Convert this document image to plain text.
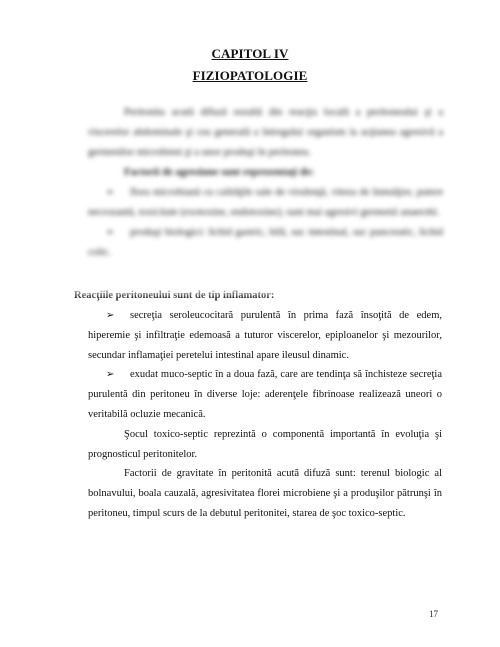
CAPITOL IV
FIZIOPATOLOGIE

Peritonita acută difuză rezultă din reacţia locală a peritoneului şi a viscerelor abdominale şi cea generală a întregului organism la acţiunea agresivă a germenilor microbieni şi a unor produşi în peritoneu.

Factorii de agresiune sunt reprezentaţi de:

➢ flora microbiană cu calităţile sale de virulenţă, viteza de înmulţire, putere necrozantă, toxicitate (exotoxine, endotoxine); sunt mai agresivi germenii anaerobi.

➢ produşi biologici: lichid gastric, bilă, suc intestinal, suc pancreatic, lichid colic.

➢ secreţia seroleucocitară purulentă în prima fază însoţită de edem, hiperemie şi infiltraţie edemoasă a tuturor viscerelor, epiploanelor şi mezourilor, secundar inflamaţiei peretelui intestinal apare ileusul dinamic.

➢ exudat muco-septic în a doua fază, care are tendinţa să închisteze secreţia purulentă din peritoneu în diverse loje: aderenţele fibrinoase realizează uneori o veritabilă ocluzie mecanică.

Şocul toxico-septic reprezintă o componentă importantă în evoluţia şi prognosticul peritonitelor.

Factorii de gravitate în peritonită acută difuză sunt: terenul biologic al bolnavului, boala cauzală, agresivitatea florei microbiene şi a produşilor pătrunşi în peritoneu, timpul scurs de la debutul peritonitei, starea de şoc toxico-septic.

17
